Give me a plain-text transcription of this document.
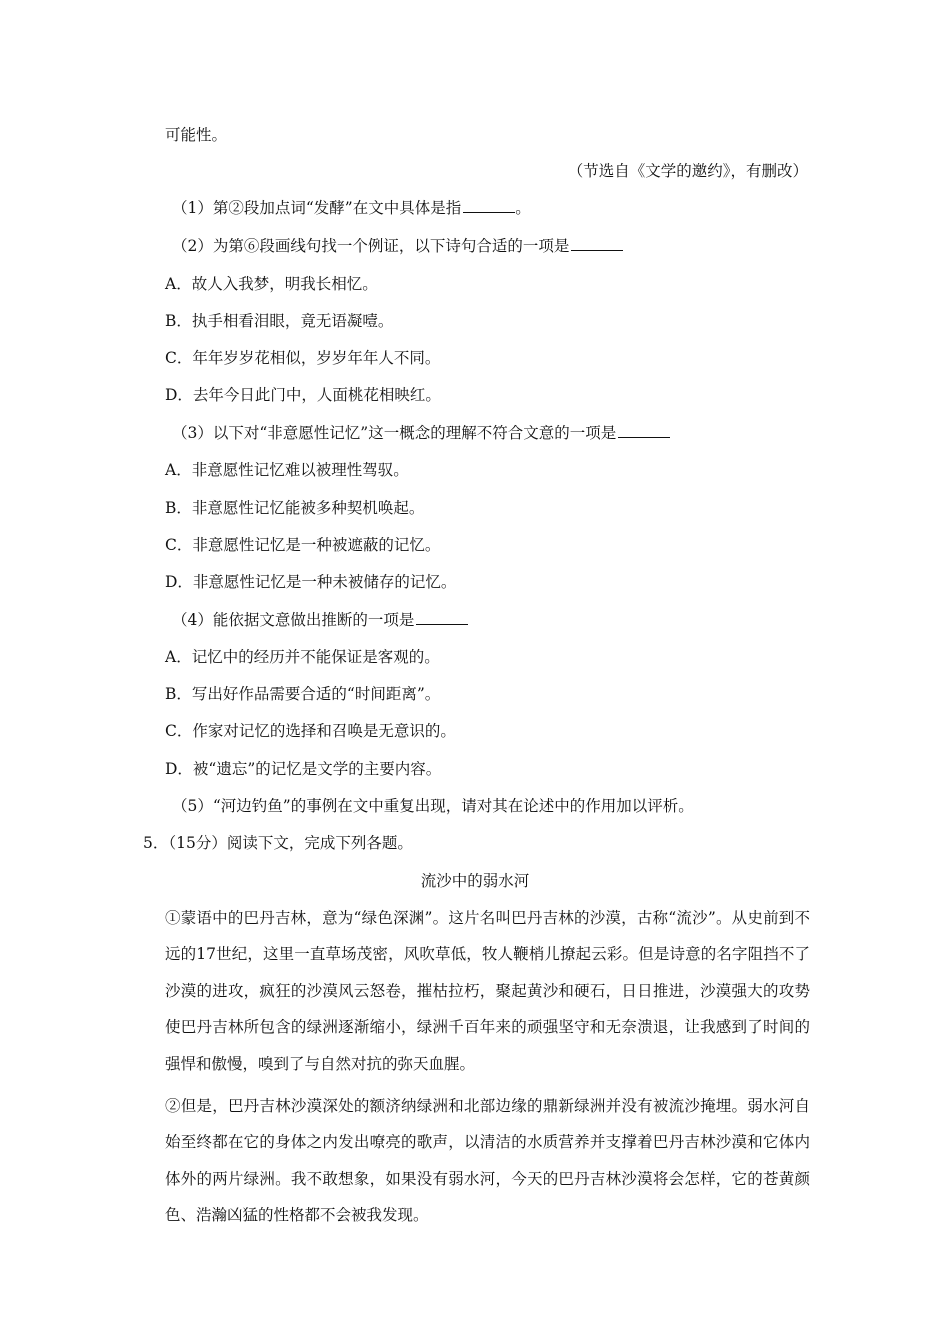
可能性。
（节选自《文学的邀约》，有删改）
（1）第②段加点词“发酵”在文中具体是指	。
（2）为第⑥段画线句找一个例证，以下诗句合适的一项是
A．故人入我梦，明我长相忆。
B．执手相看泪眼，竟无语凝噎。
C．年年岁岁花相似，岁岁年年人不同。
D．去年今日此门中，人面桃花相映红。
（3）以下对“非意愿性记忆”这一概念的理解不符合文意的一项是
A．非意愿性记忆难以被理性驾驭。
B．非意愿性记忆能被多种契机唤起。
C．非意愿性记忆是一种被遮蔽的记忆。
D．非意愿性记忆是一种未被储存的记忆。
（4）能依据文意做出推断的一项是
A．记忆中的经历并不能保证是客观的。
B．写出好作品需要合适的“时间距离”。
C．作家对记忆的选择和召唤是无意识的。
D．被“遗忘”的记忆是文学的主要内容。
（5）“河边钓鱼”的事例在文中重复出现，请对其在论述中的作用加以评析。
5．（15分）阅读下文，完成下列各题。
流沙中的弱水河
①蒙语中的巴丹吉林，意为“绿色深渊”。这片名叫巴丹吉林的沙漠，古称“流沙”。从史前到不远的17世纪，这里一直草场茂密，风吹草低，牧人鞭梢儿撩起云彩。但是诗意的名字阻挡不了沙漠的进攻，疯狂的沙漠风云怒卷，摧枯拉朽，聚起黄沙和硬石，日日推进，沙漠强大的攻势使巴丹吉林所包含的绿洲逐渐缩小，绿洲千百年来的顽强坚守和无奈溃退，让我感到了时间的强悍和傲慢，嗅到了与自然对抗的弥天血腥。
②但是，巴丹吉林沙漠深处的额济纳绿洲和北部边缘的鼎新绿洲并没有被流沙掩埋。弱水河自始至终都在它的身体之内发出嘹亮的歌声，以清洁的水质营养并支撑着巴丹吉林沙漠和它体内体外的两片绿洲。我不敢想象，如果没有弱水河，今天的巴丹吉林沙漠将会怎样，它的苍黄颜色、浩瀚凶猛的性格都不会被我发现。
